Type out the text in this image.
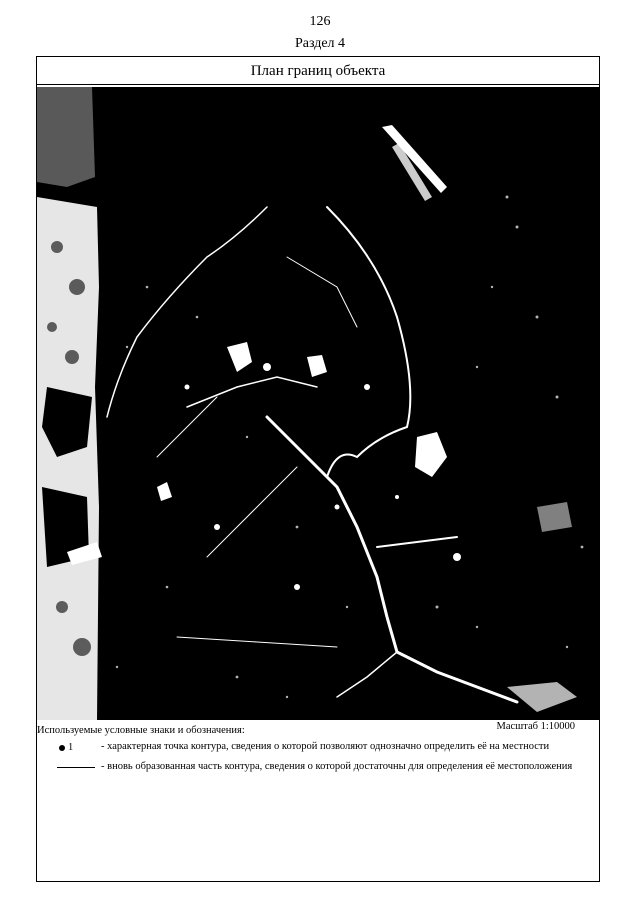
126
Раздел 4
План границ объекта
Используемые условные знаки и обозначения:	Масштаб 1:10000
1	- характерная точка контура, сведения о которой позволяют однозначно определить её на местности
- вновь образованная часть контура, сведения о которой достаточны для определения её местоположения
